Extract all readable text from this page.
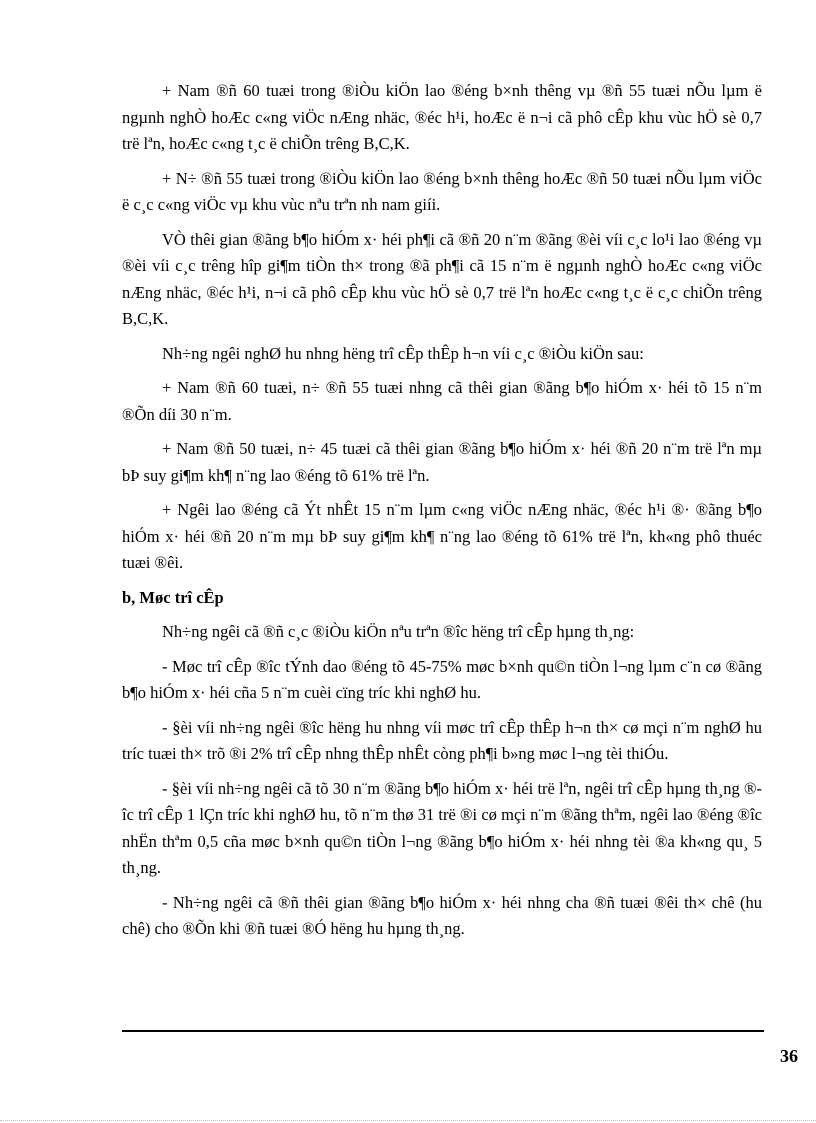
+ Nam ®ñ 60 tuæi trong ®iÒu kiÖn lao ®éng b×nh thêng vµ ®ñ 55 tuæi nÕu lµm ë ngµnh nghÒ hoÆc c«ng viÖc nÆng nhäc, ®éc h¹i, hoÆc ë n¬i cã phô cÊp khu vùc hÖ sè 0,7 trë lªn, hoÆc c«ng t¸c ë chiÕn trêng B,C,K.

+ N÷ ®ñ 55 tuæi trong ®iÒu kiÖn lao ®éng b×nh thêng hoÆc ®ñ 50 tuæi nÕu lµm viÖc ë c¸c c«ng viÖc vµ khu vùc nªu trªn nh nam giíi.

VÒ thêi gian ®ãng b¶o hiÓm x· héi ph¶i cã ®ñ 20 n¨m ®ãng ®èi víi c¸c lo¹i lao ®éng vµ ®èi víi c¸c trêng hîp gi¶m tiÒn th× trong ®ã ph¶i cã 15 n¨m ë ngµnh nghÒ hoÆc c«ng viÖc nÆng nhäc, ®éc h¹i, n¬i cã phô cÊp khu vùc hÖ sè 0,7 trë lªn hoÆc c«ng t¸c ë c¸c chiÕn trêng B,C,K.

Nh÷ng ngêi nghØ hu nhng hëng trî cÊp thÊp h¬n víi c¸c ®iÒu kiÖn sau:

+ Nam ®ñ 60 tuæi, n÷ ®ñ 55 tuæi nhng cã thêi gian ®ãng b¶o hiÓm x· héi tõ 15 n¨m ®Õn díi 30 n¨m.

+ Nam ®ñ 50 tuæi, n÷ 45 tuæi cã thêi gian ®ãng b¶o hiÓm x· héi ®ñ 20 n¨m trë lªn mµ bÞ suy gi¶m kh¶ n¨ng lao ®éng tõ 61% trë lªn.

+ Ngêi lao ®éng cã Ýt nhÊt 15 n¨m lµm c«ng viÖc nÆng nhäc, ®éc h¹i ®· ®ãng b¶o hiÓm x· héi ®ñ 20 n¨m mµ bÞ suy gi¶m kh¶ n¨ng lao ®éng tõ 61% trë lªn, kh«ng phô thuéc tuæi ®êi.

b, Møc trî cÊp

Nh÷ng ngêi cã ®ñ c¸c ®iÒu kiÖn nªu trªn ®îc hëng trî cÊp hµng th¸ng:

- Møc trî cÊp ®îc tÝnh dao ®éng tõ 45-75% møc b×nh qu©n tiÒn l¬ng lµm c¨n cø ®ãng b¶o hiÓm x· héi cña 5 n¨m cuèi cïng tríc khi nghØ hu.

- §èi víi nh÷ng ngêi ®îc hëng hu nhng víi møc trî cÊp thÊp h¬n th× cø mçi n¨m nghØ hu tríc tuæi th× trõ ®i 2% trî cÊp nhng thÊp nhÊt còng ph¶i b»ng møc l¬ng tèi thiÓu.

- §èi víi nh÷ng ngêi cã tõ 30 n¨m ®ãng b¶o hiÓm x· héi trë lªn, ngêi trî cÊp hµng th¸ng ®îc trî cÊp 1 lÇn tríc khi nghØ hu, tõ n¨m thø 31 trë ®i cø mçi n¨m ®ãng thªm, ngêi lao ®éng ®îc nhËn thªm 0,5 cña møc b×nh qu©n tiÒn l¬ng ®ãng b¶o hiÓm x· héi nhng tèi ®a kh«ng qu¸ 5 th¸ng.

- Nh÷ng ngêi cã ®ñ thêi gian ®ãng b¶o hiÓm x· héi nhng cha ®ñ tuæi ®êi th× chê (hu chê) cho ®Õn khi ®ñ tuæi ®Ó hëng hu hµng th¸ng.

36
